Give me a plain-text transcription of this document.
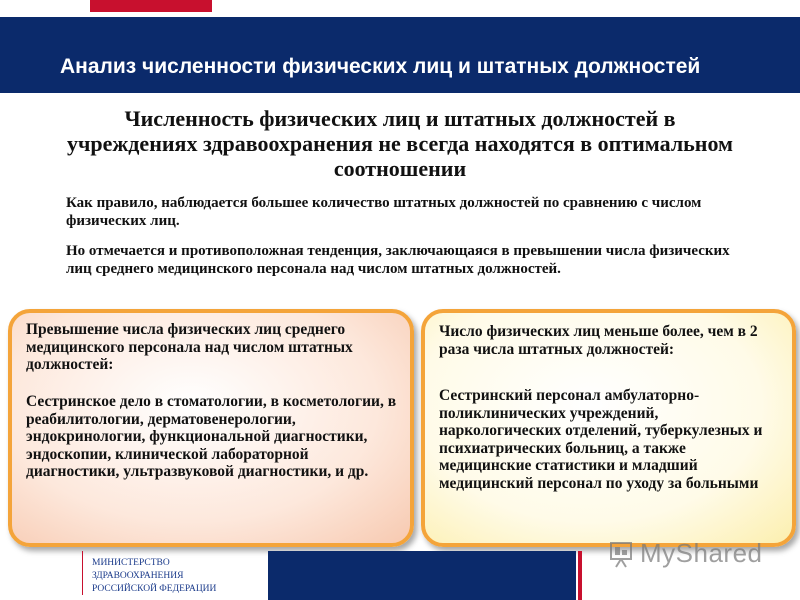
Анализ численности физических лиц и штатных должностей
Численность физических лиц и штатных должностей в учреждениях здравоохранения не всегда находятся в оптимальном соотношении
Как правило, наблюдается большее количество штатных должностей по сравнению с числом физических лиц.
Но отмечается и противоположная тенденция, заключающаяся в превышении числа физических лиц среднего медицинского персонала над числом штатных должностей.
Превышение числа физических лиц среднего медицинского персонала над числом штатных должностей:
Сестринское дело в стоматологии, в косметологии, в реабилитологии, дерматовенерологии, эндокринологии, функциональной диагностики, эндоскопии, клинической лабораторной диагностики, ультразвуковой диагностики, и др.
Число физических лиц меньше более, чем в 2 раза числа штатных должностей:
Сестринский персонал амбулаторно-поликлинических учреждений, наркологических отделений, туберкулезных и психиатрических больниц, а также медицинские статистики и младший медицинский персонал по уходу за больными
МИНИСТЕРСТВО
ЗДРАВООХРАНЕНИЯ
РОССИЙСКОЙ ФЕДЕРАЦИИ
MyShared
